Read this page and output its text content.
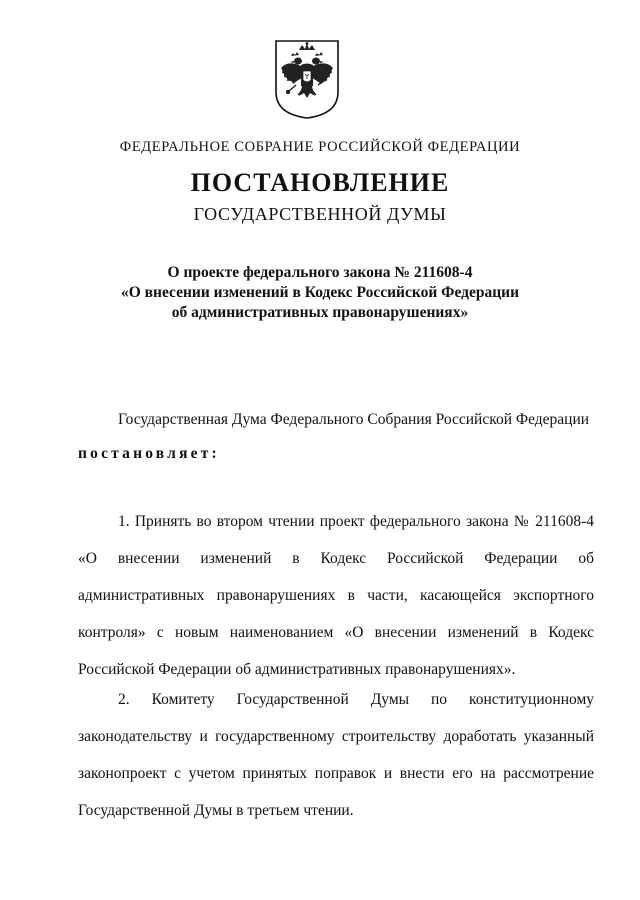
ФЕДЕРАЛЬНОЕ СОБРАНИЕ РОССИЙСКОЙ ФЕДЕРАЦИИ
ПОСТАНОВЛЕНИЕ
ГОСУДАРСТВЕННОЙ ДУМЫ
О проекте федерального закона № 211608-4
«О внесении изменений в Кодекс Российской Федерации
об административных правонарушениях»
Государственная Дума Федерального Собрания Российской Федерации
постановляет:
1. Принять во втором чтении проект федерального закона № 211608-4 «О внесении изменений в Кодекс Российской Федерации об административных правонарушениях в части, касающейся экспортного контроля» с новым наименованием «О внесении изменений в Кодекс Российской Федерации об административных правонарушениях».
2. Комитету Государственной Думы по конституционному законодательству и государственному строительству доработать указанный законопроект с учетом принятых поправок и внести его на рассмотрение Государственной Думы в третьем чтении.
